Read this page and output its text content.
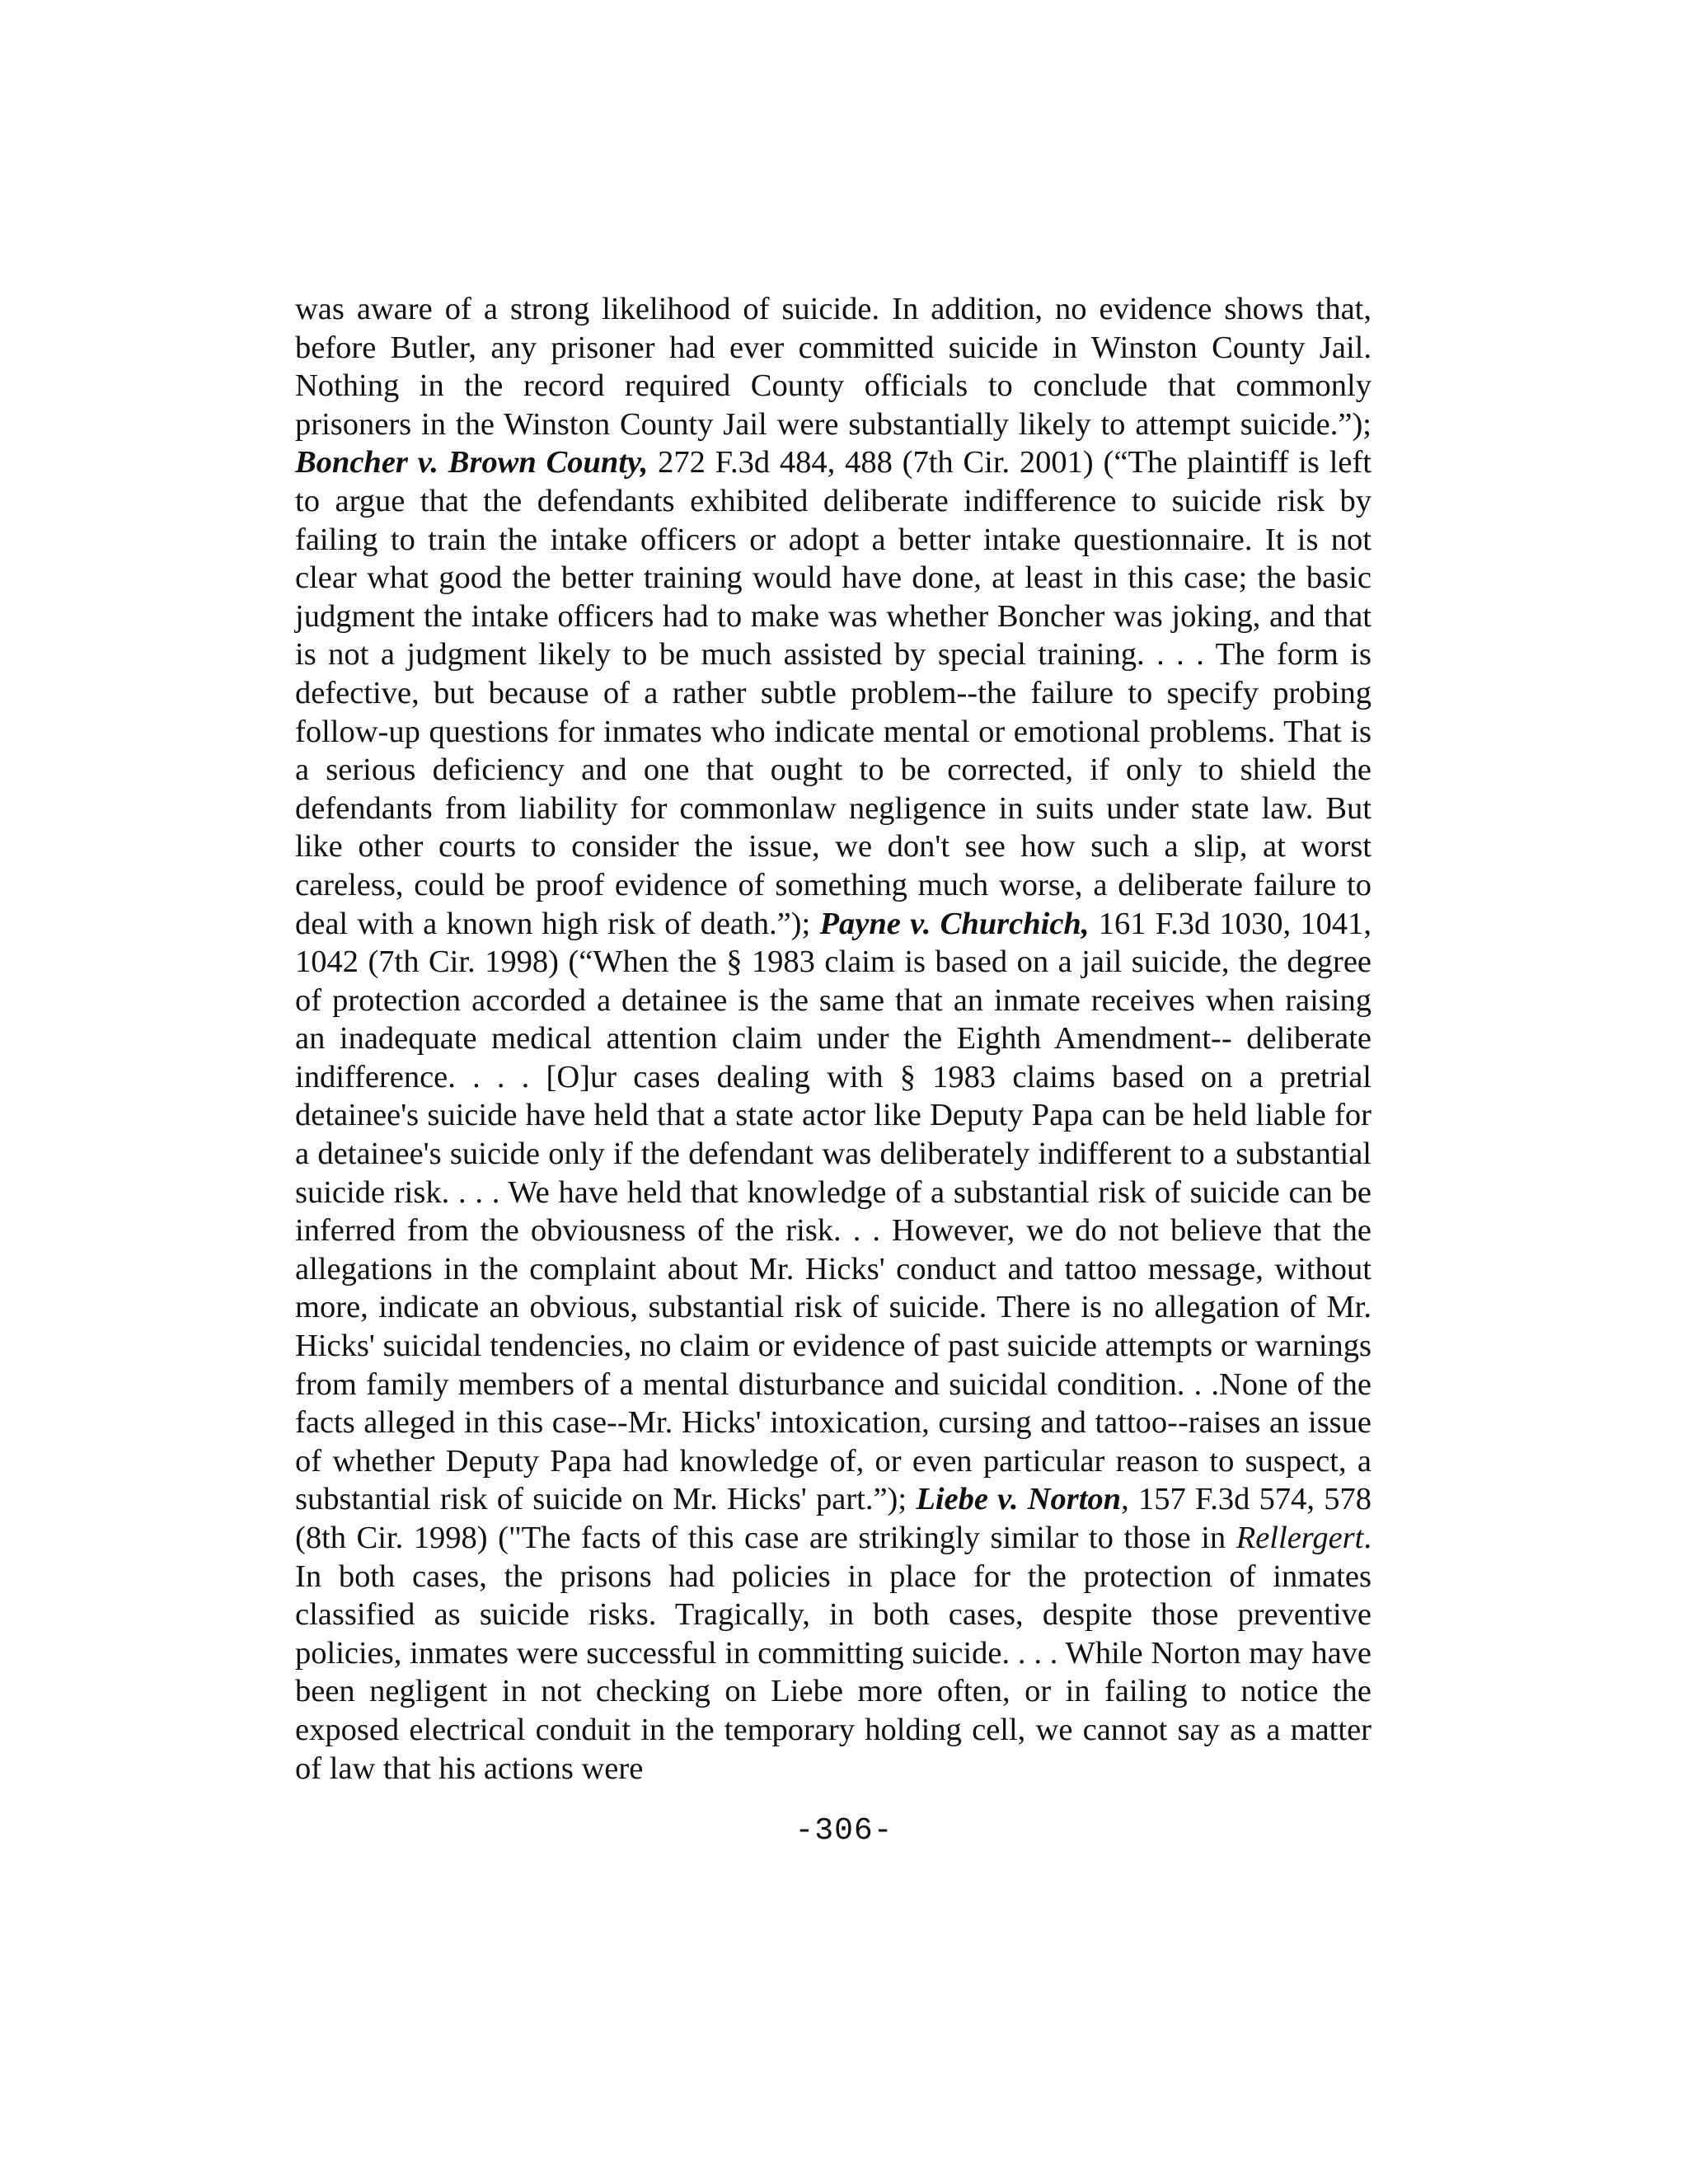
was aware of a strong likelihood of suicide. In addition, no evidence shows that, before Butler, any prisoner had ever committed suicide in Winston County Jail. Nothing in the record required County officials to conclude that commonly prisoners in the Winston County Jail were substantially likely to attempt suicide.”); Boncher v. Brown County, 272 F.3d 484, 488 (7th Cir. 2001) (“The plaintiff is left to argue that the defendants exhibited deliberate indifference to suicide risk by failing to train the intake officers or adopt a better intake questionnaire. It is not clear what good the better training would have done, at least in this case; the basic judgment the intake officers had to make was whether Boncher was joking, and that is not a judgment likely to be much assisted by special training. . . . The form is defective, but because of a rather subtle problem--the failure to specify probing follow-up questions for inmates who indicate mental or emotional problems. That is a serious deficiency and one that ought to be corrected, if only to shield the defendants from liability for commonlaw negligence in suits under state law. But like other courts to consider the issue, we don't see how such a slip, at worst careless, could be proof evidence of something much worse, a deliberate failure to deal with a known high risk of death.”); Payne v. Churchich, 161 F.3d 1030, 1041, 1042 (7th Cir. 1998) (“When the § 1983 claim is based on a jail suicide, the degree of protection accorded a detainee is the same that an inmate receives when raising an inadequate medical attention claim under the Eighth Amendment-- deliberate indifference. . . . [O]ur cases dealing with § 1983 claims based on a pretrial detainee's suicide have held that a state actor like Deputy Papa can be held liable for a detainee's suicide only if the defendant was deliberately indifferent to a substantial suicide risk. . . . We have held that knowledge of a substantial risk of suicide can be inferred from the obviousness of the risk. . . However, we do not believe that the allegations in the complaint about Mr. Hicks' conduct and tattoo message, without more, indicate an obvious, substantial risk of suicide. There is no allegation of Mr. Hicks' suicidal tendencies, no claim or evidence of past suicide attempts or warnings from family members of a mental disturbance and suicidal condition. . .None of the facts alleged in this case--Mr. Hicks' intoxication, cursing and tattoo--raises an issue of whether Deputy Papa had knowledge of, or even particular reason to suspect, a substantial risk of suicide on Mr. Hicks' part.”); Liebe v. Norton, 157 F.3d 574, 578 (8th Cir. 1998) ("The facts of this case are strikingly similar to those in Rellergert. In both cases, the prisons had policies in place for the protection of inmates classified as suicide risks. Tragically, in both cases, despite those preventive policies, inmates were successful in committing suicide. . . . While Norton may have been negligent in not checking on Liebe more often, or in failing to notice the exposed electrical conduit in the temporary holding cell, we cannot say as a matter of law that his actions were

-306-
